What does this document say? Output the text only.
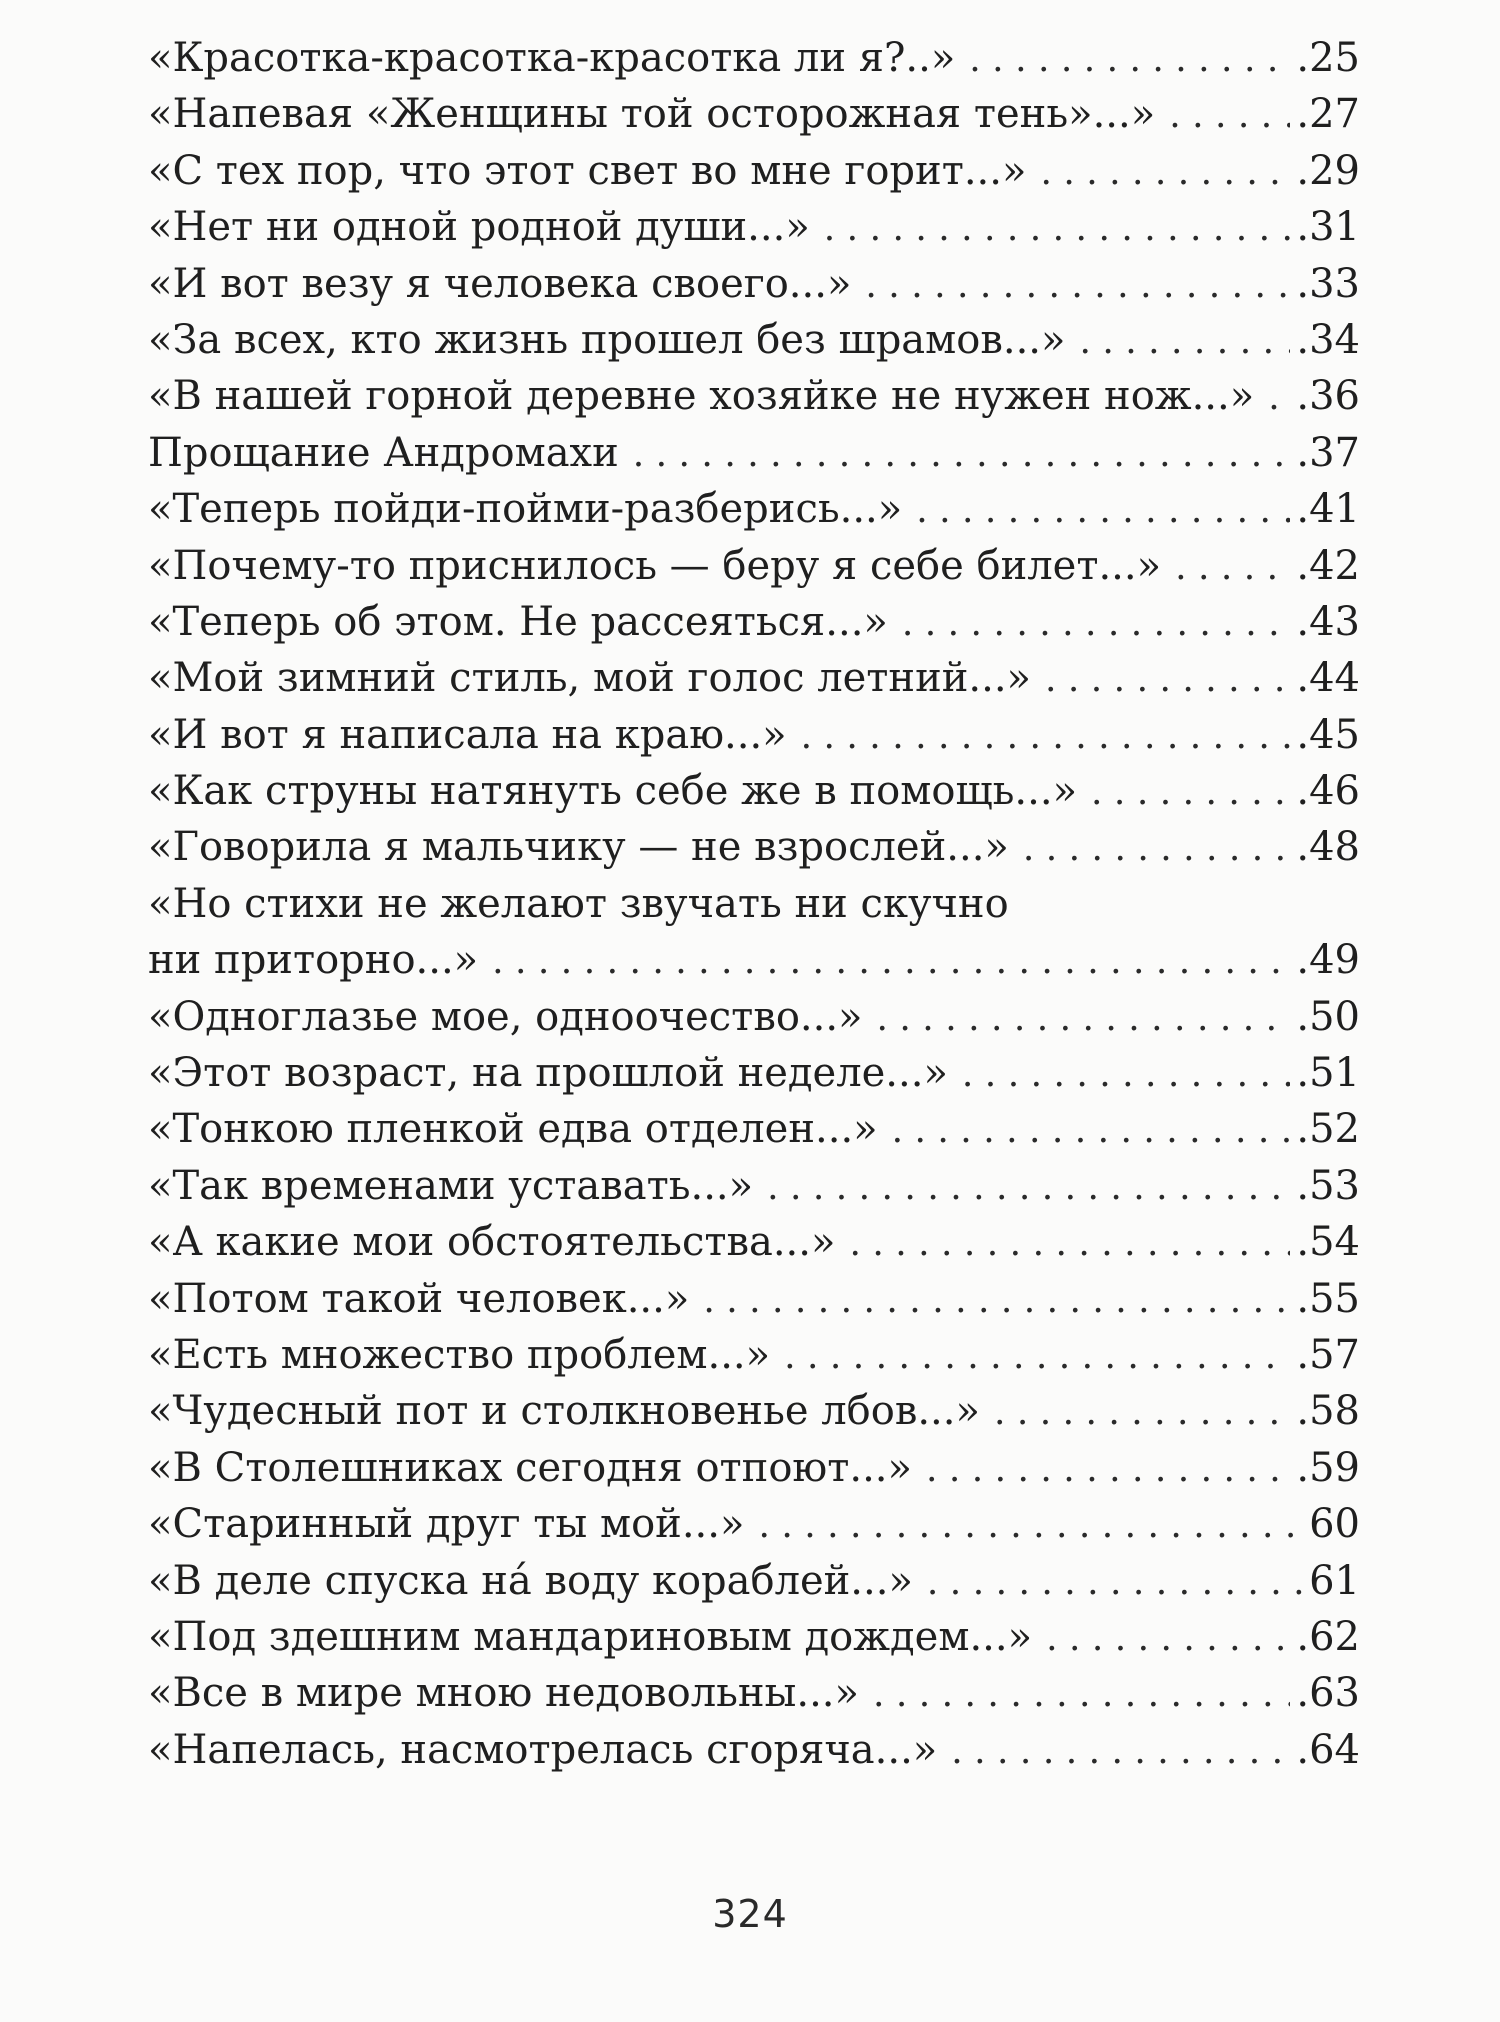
«Красотка-красотка-красотка ли я?..» . . .	.25
«Напевая «Женщины той осторожная тень»...» . . .	.27
«С тех пор, что этот свет во мне горит...» . . .	.29
«Нет ни одной родной души...» . . .	.31
«И вот везу я человека своего...» . . .	.33
«За всех, кто жизнь прошел без шрамов...» . . .	.34
«В нашей горной деревне хозяйке не нужен нож...» . . . .36
Прощание Андромахи . . .	.37
«Теперь пойди-пойми-разберись...» . . .	.41
«Почему-то приснилось — беру я себе билет...» . . .	.42
«Теперь об этом. Не рассеяться...» . . .	.43
«Мой зимний стиль, мой голос летний...» . . .	.44
«И вот я написала на краю...» . . .	.45
«Как струны натянуть себе же в помощь...» . . .	.46
«Говорила я мальчику — не взрослей...» . . .	.48
«Но стихи не желают звучать ни скучно
ни приторно...» . . .	.49
«Одноглазье мое, одноочество...» . . .	.50
«Этот возраст, на прошлой неделе...» . . .	.51
«Тонкою пленкой едва отделен...» . . .	.52
«Так временами уставать...» . . .	.53
«А какие мои обстоятельства...» . . .	.54
«Потом такой человек...» . . .	.55
«Есть множество проблем...» . . .	.57
«Чудесный пот и столкновенье лбов...» . . .	.58
«В Столешниках сегодня отпоют...» . . .	.59
«Старинный друг ты мой...» . . .	60
«В деле спуска на́ воду кораблей...» . . .	61
«Под здешним мандариновым дождем...» . . .	.62
«Все в мире мною недовольны...» . . .	.63
«Напелась, насмотрелась сгоряча...» . . .	.64
324
